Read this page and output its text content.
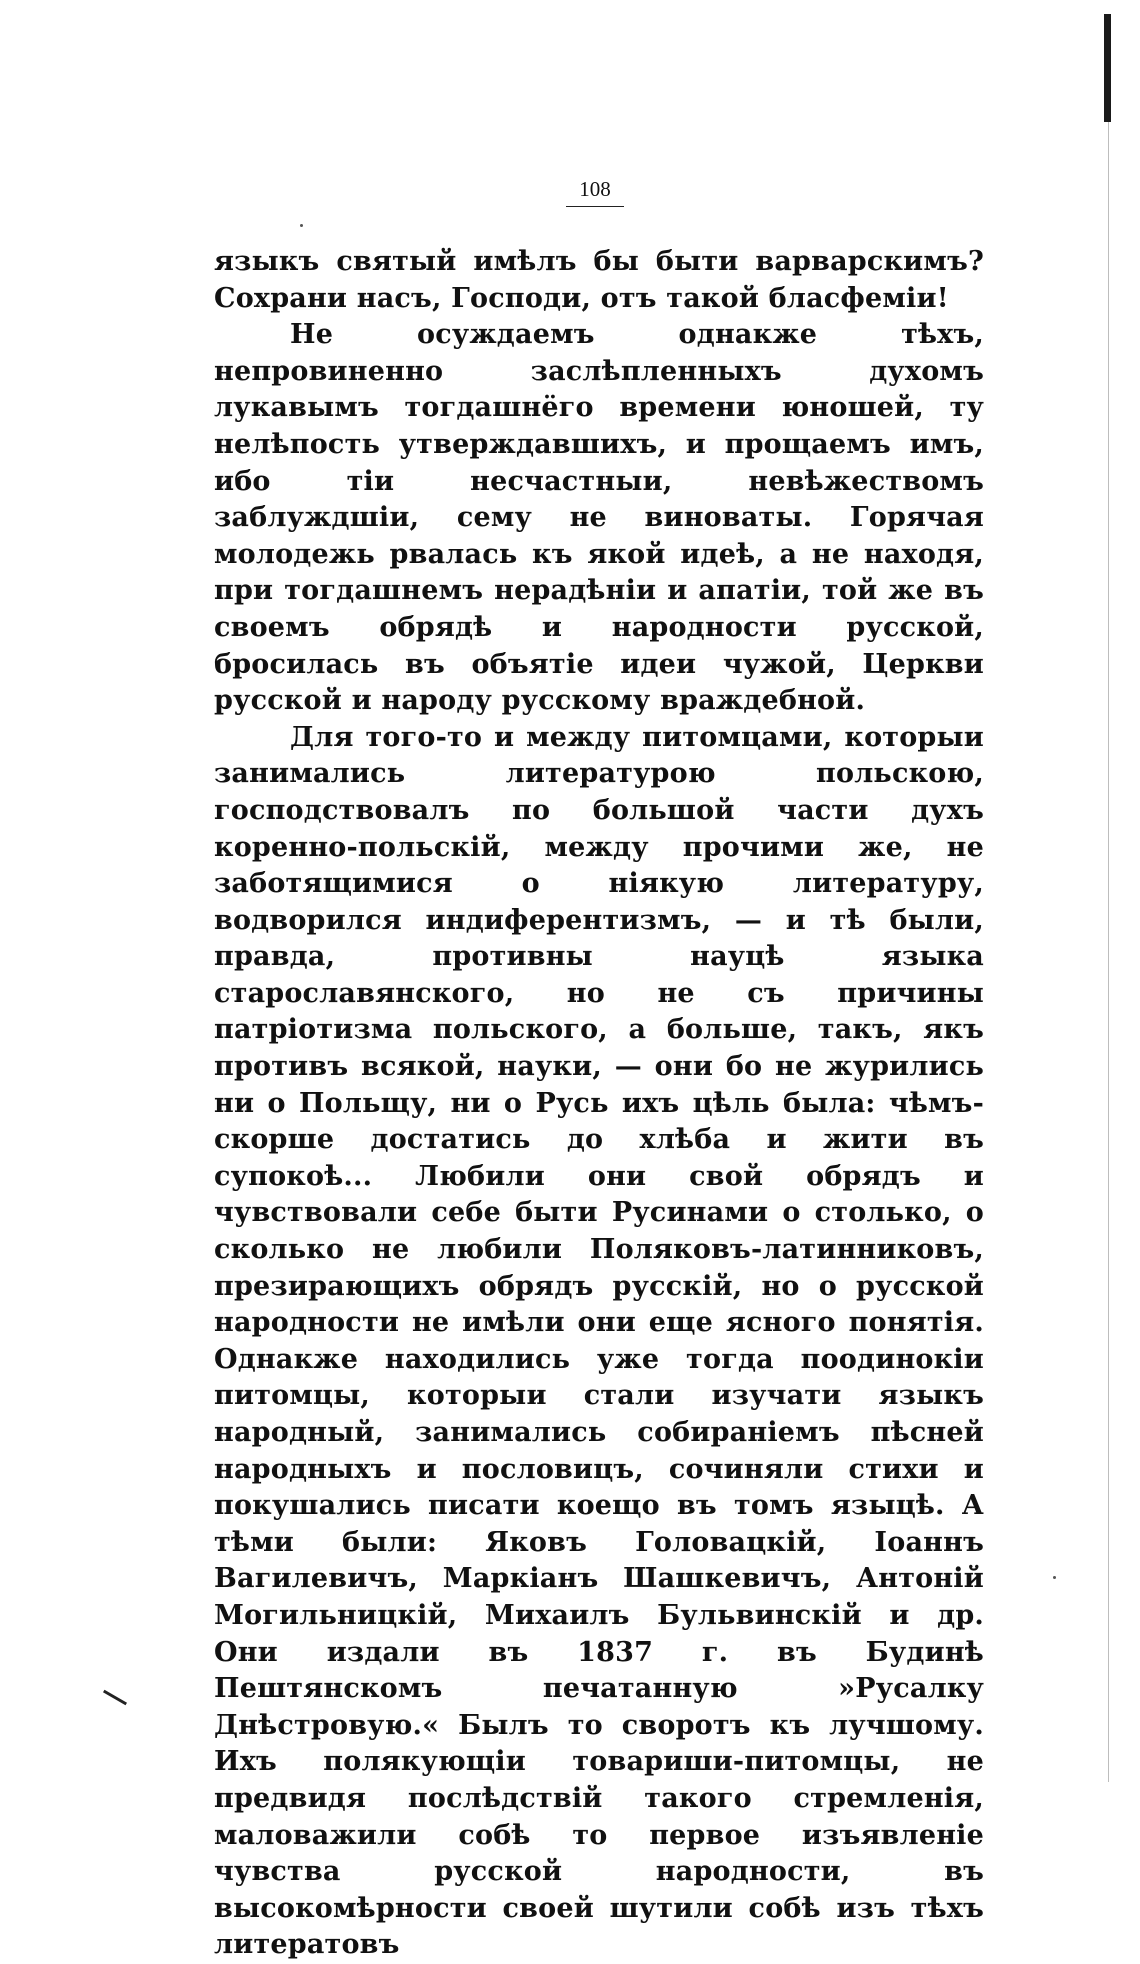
108

языкъ святый имѣлъ бы быти варварскимъ? Сохрани насъ, Господи, отъ такой бласфеміи!

Не осуждаемъ однакже тѣхъ, непровиненно заслѣпленныхъ духомъ лукавымъ тогдашнёго времени юношей, ту нелѣпость утверждавшихъ, и прощаемъ имъ, ибо тіи несчастныи, невѣжествомъ заблуждшіи, сему не виноваты. Горячая молодежь рвалась къ якой идеѣ, а не находя, при тогдашнемъ нерадѣніи и апатіи, той же въ своемъ обрядѣ и народности русской, бросилась въ объятіе идеи чужой, Церкви русской и народу русскому враждебной.

Для того-то и между питомцами, которыи занимались литературою польскою, господствовалъ по большой части духъ коренно-польскій, между прочими же, не заботящимися о ніякую литературу, водворился индиферентизмъ, — и тѣ были, правда, противны науцѣ языка старославянского, но не съ причины патріотизма польского, а больше, такъ, якъ противъ всякой, науки, — они бо не журились ни о Польщу, ни о Русь ихъ цѣль была: чѣмъ-скорше достатись до хлѣба и жити въ супокоѣ... Любили они свой обрядъ и чувствовали себе быти Русинами о столько, о сколько не любили Поляковъ-латинниковъ, презирающихъ обрядъ русскій, но о русской народности не имѣли они еще ясного понятія. Однакже находились уже тогда поодинокіи питомцы, которыи стали изучати языкъ народный, занимались собираніемъ пѣсней народныхъ и пословицъ, сочиняли стихи и покушались писати коещо въ томъ языцѣ. А тѣми были: Яковъ Головацкій, Іоаннъ Вагилевичъ, Маркіанъ Шашкевичъ, Антоній Могильницкій, Михаилъ Бульвинскій и др. Они издали въ 1837 г. въ Будинѣ Пештянскомъ печатанную »Русалку Днѣстровую.« Былъ то своротъ къ лучшому. Ихъ полякующіи товариши-питомцы, не предвидя послѣдствій такого стремленія, маловажили собѣ то первое изъявленіе чувства русской народности, въ высокомѣрности своей шутили собѣ изъ тѣхъ литератовъ
